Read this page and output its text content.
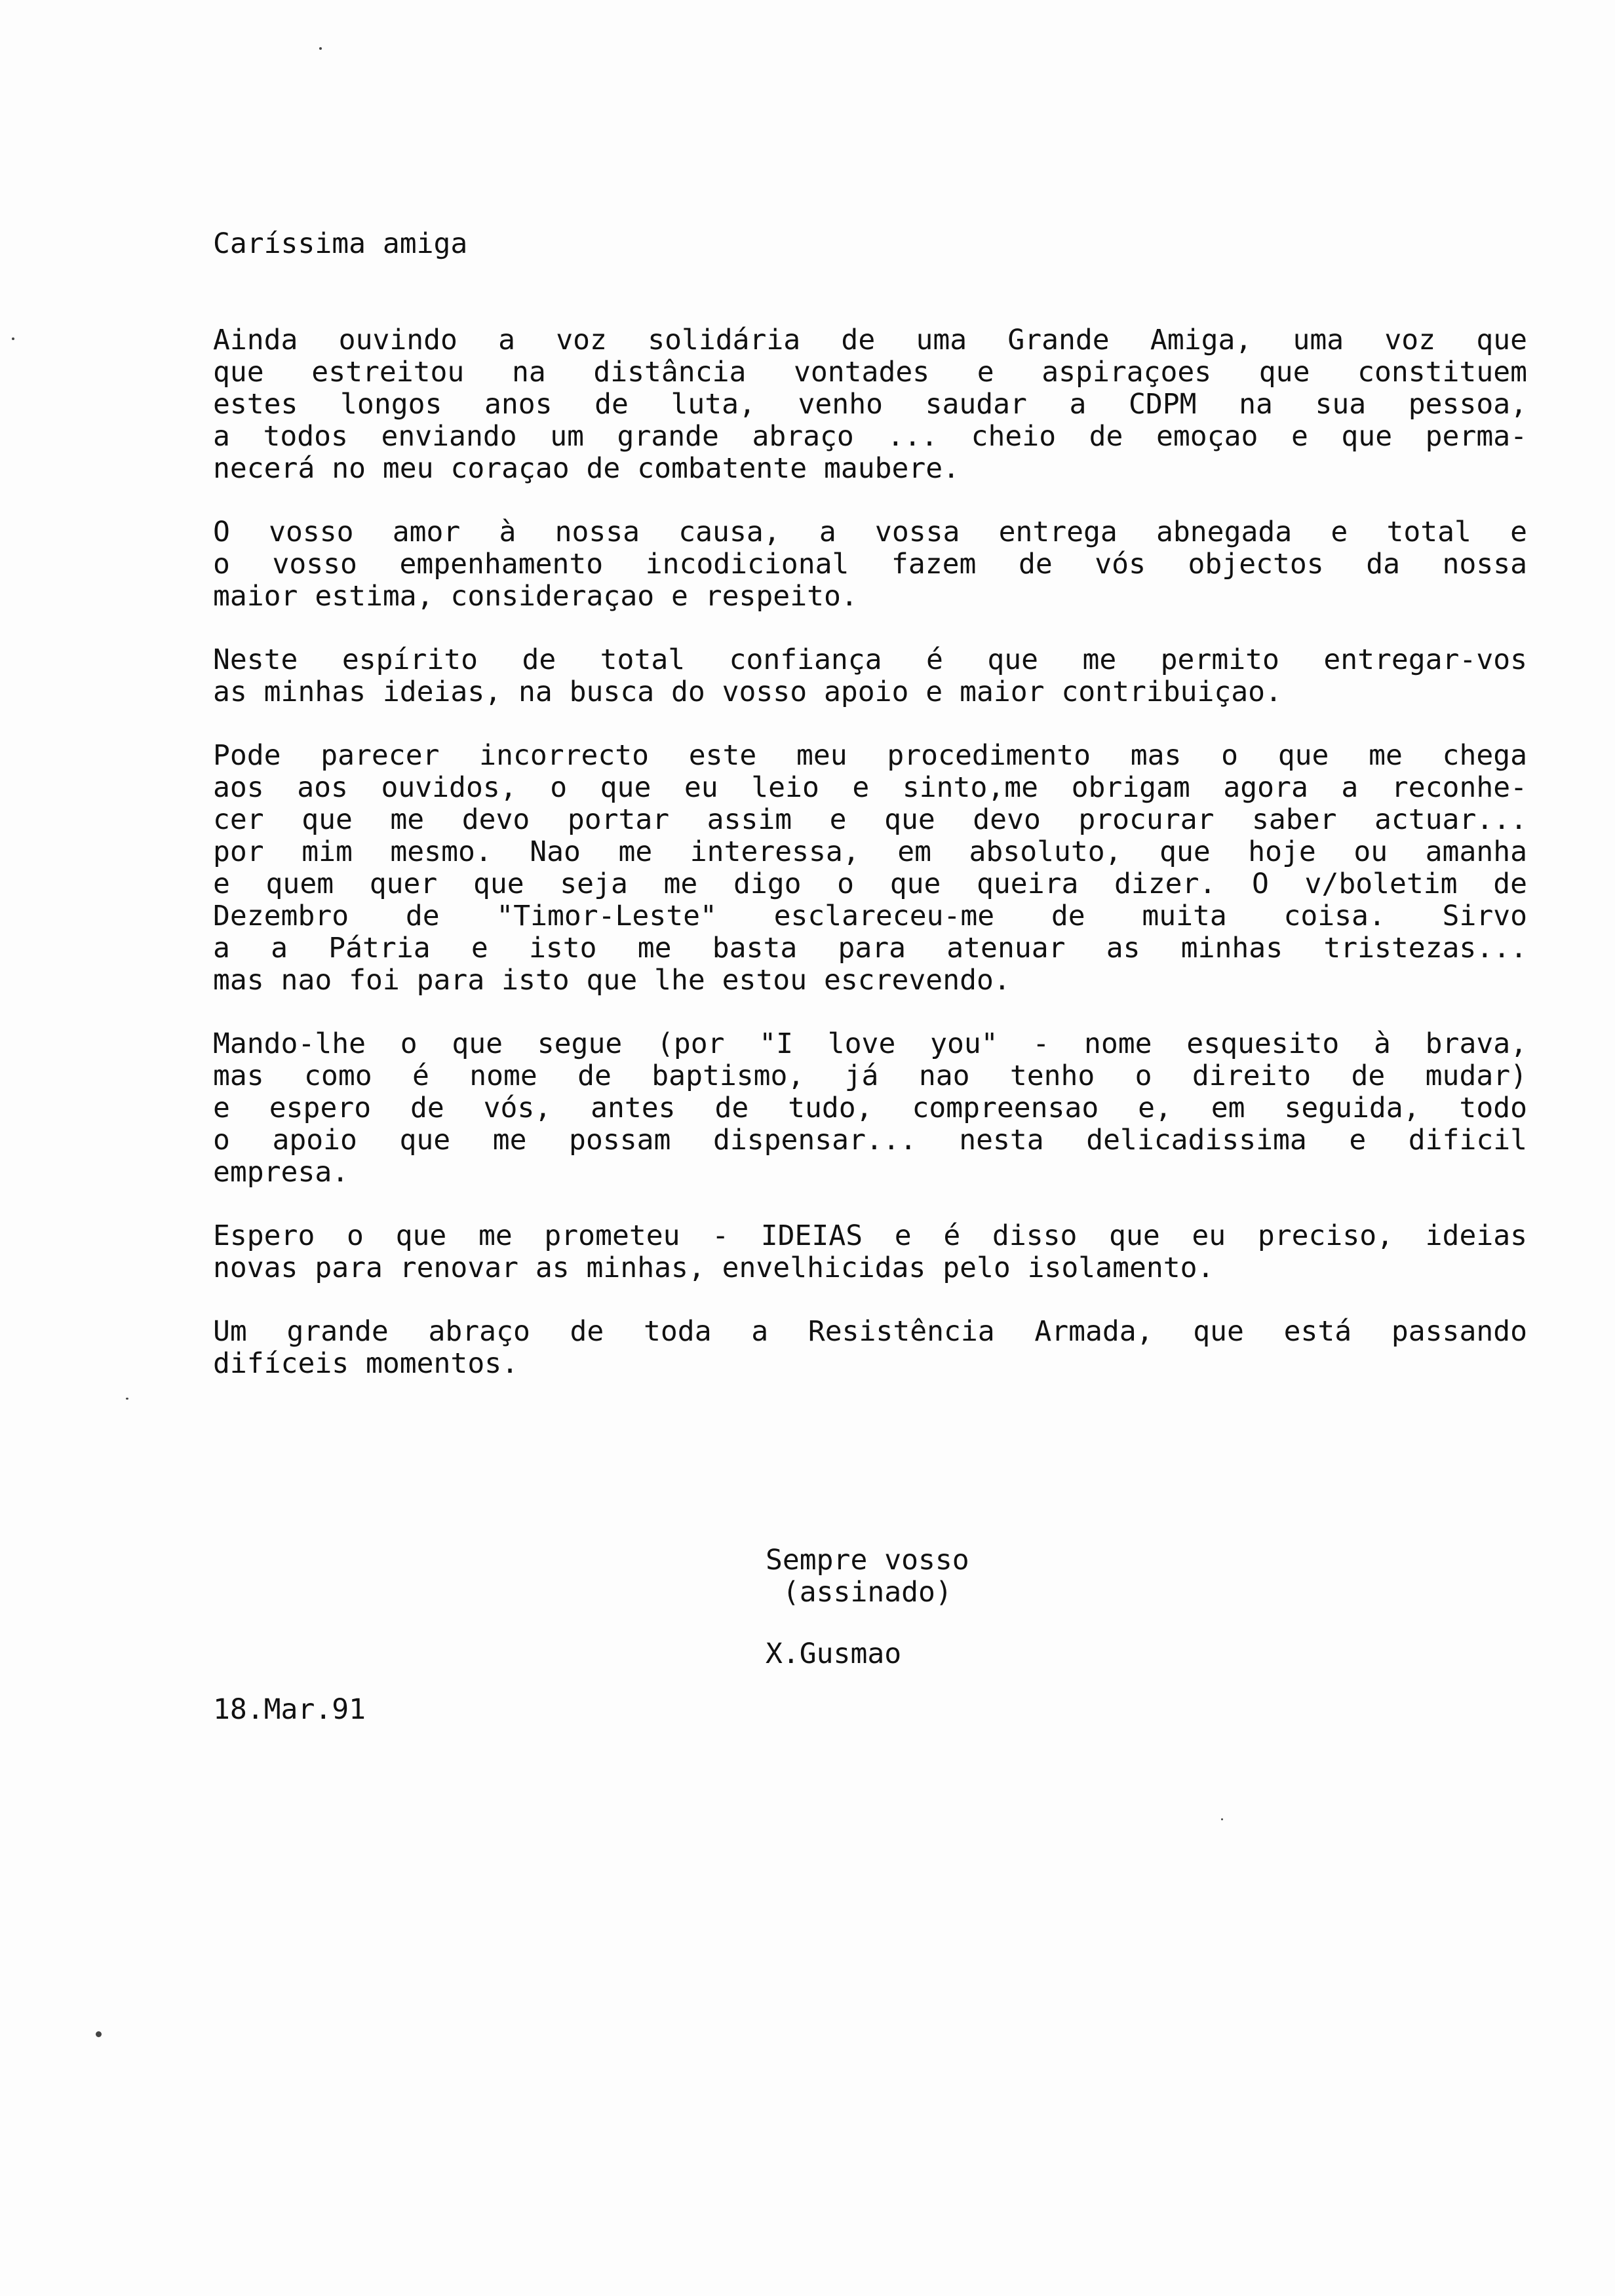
Caríssima amiga
Ainda ouvindo a voz solidária de uma Grande Amiga, uma voz que
que estreitou na distância vontades e aspiraçoes que constituem
estes longos anos de luta, venho saudar a CDPM na sua pessoa,
a todos enviando um grande abraço ... cheio de emoçao e que perma-
necerá no meu coraçao de combatente maubere.
O vosso amor à nossa causa, a vossa entrega abnegada e total e
o vosso empenhamento incodicional fazem de vós objectos da nossa
maior estima, consideraçao e respeito.
Neste espírito de total confiança é que me permito entregar-vos
as minhas ideias, na busca do vosso apoio e maior contribuiçao.
Pode parecer incorrecto este meu procedimento mas o que me chega
aos aos ouvidos, o que eu leio e sinto,me obrigam agora a reconhe-
cer que me devo portar assim e que devo procurar saber actuar...
por mim mesmo. Nao me interessa, em absoluto, que hoje ou amanha
e quem quer que seja me digo o que queira dizer. O v/boletim de
Dezembro de "Timor-Leste" esclareceu-me de muita coisa. Sirvo
a a Pátria e isto me basta para atenuar as minhas tristezas...
mas nao foi para isto que lhe estou escrevendo.
Mando-lhe o que segue (por "I love you" - nome esquesito à brava,
mas como é nome de baptismo, já nao tenho o direito de mudar)
e espero de vós, antes de tudo, compreensao e, em seguida, todo
o apoio que me possam dispensar... nesta delicadissima e dificil
empresa.
Espero o que me prometeu - IDEIAS e é disso que eu preciso, ideias
novas para renovar as minhas, envelhicidas pelo isolamento.
Um grande abraço de toda a Resistência Armada, que está passando
difíceis momentos.
Sempre vosso
(assinado)
X.Gusmao
18.Mar.91
